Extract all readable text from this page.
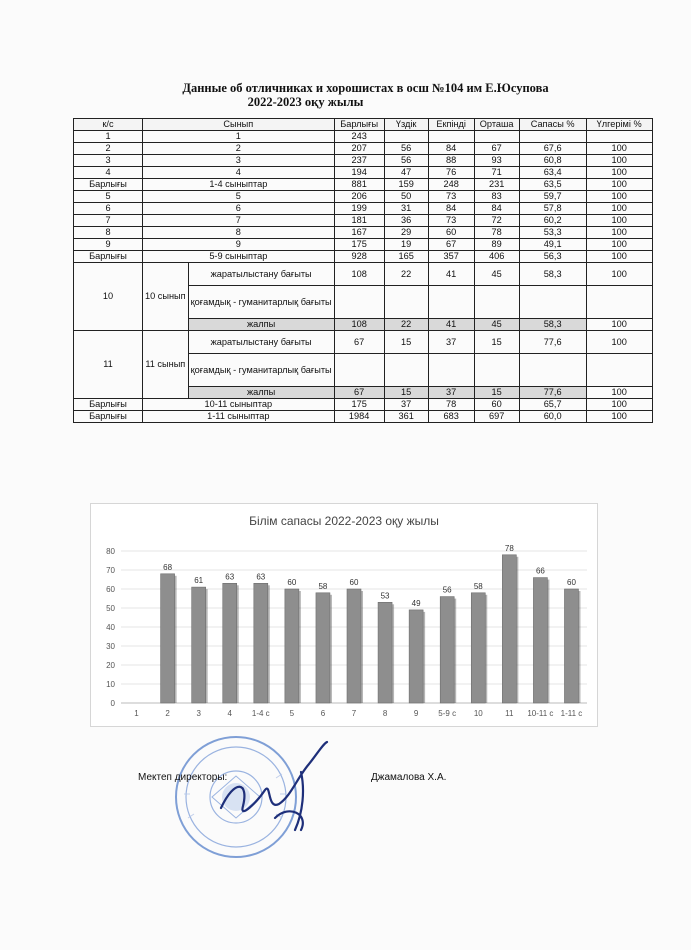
Данные об отличниках и хорошистах в осш №104 им Е.Юсупова
2022-2023 оқу жылы
к/с	Сынып		Барлығы	Үздік	Екпінді	Орташа	Сапасы %	Үлгерімі %
1	1		243					
2	2		207	56	84	67	67,6	100
3	3		237	56	88	93	60,8	100
4	4		194	47	76	71	63,4	100
Барлығы	1-4 сыныптар		881	159	248	231	63,5	100
5	5		206	50	73	83	59,7	100
6	6		199	31	84	84	57,8	100
7	7		181	36	73	72	60,2	100
8	8		167	29	60	78	53,3	100
9	9		175	19	67	89	49,1	100
Барлығы	5-9 сыныптар		928	165	357	406	56,3	100
10	10 сынып	жаратылыстану бағыты	108	22	41	45	58,3	100
		қоғамдық - гуманитарлық бағыты						
		жалпы	108	22	41	45	58,3	100
11	11 сынып	жаратылыстану бағыты	67	15	37	15	77,6	100
		қоғамдық - гуманитарлық бағыты						
		жалпы	67	15	37	15	77,6	100
Барлығы	10-11 сыныптар		175	37	78	60	65,7	100
Барлығы	1-11 сыныптар		1984	361	683	697	60,0	100
Білім сапасы 2022-2023 оқу жылы
0
10
20
30
40
50
60
70
80
1	2
68
3
61
4
63
1-4 с
63
5
60
6
58
7
60
8
53
9
49
5-9 с
56
10
58
11
78
10-11 с
66
1-11 с
60
Мектеп директоры:	Джамалова Х.А.
